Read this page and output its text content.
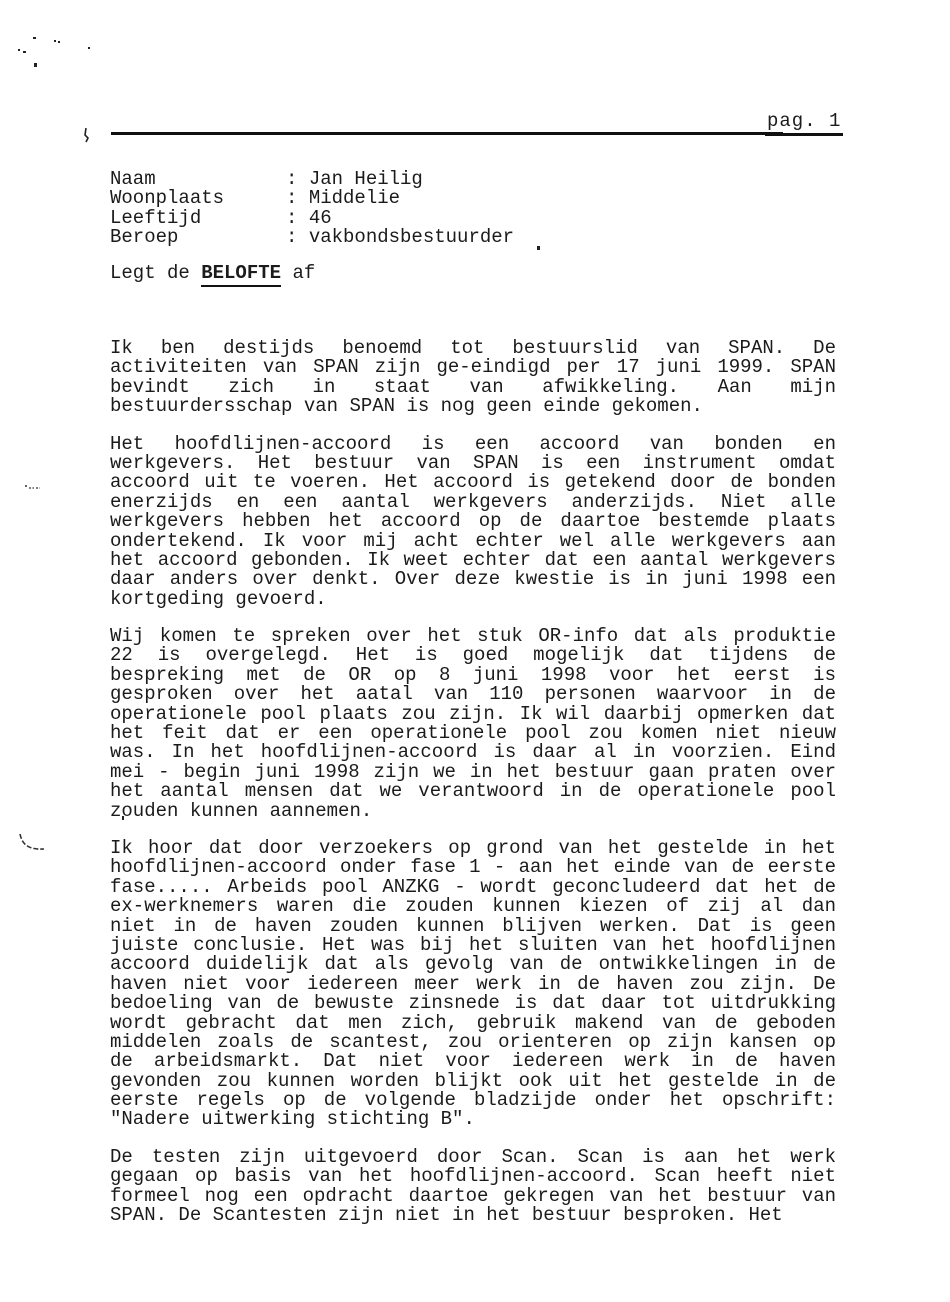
pag. 1
Naam	: Jan Heilig
Woonplaats	: Middelie
Leeftijd	: 46
Beroep	: vakbondsbestuurder
Legt de BELOFTE af
Ik ben destijds benoemd tot bestuurslid van SPAN. De
activiteiten van SPAN zijn ge-eindigd per 17 juni 1999. SPAN
bevindt zich in staat van afwikkeling. Aan mijn
bestuurdersschap van SPAN is nog geen einde gekomen.
Het hoofdlijnen-accoord is een accoord van bonden en
werkgevers. Het bestuur van SPAN is een instrument omdat
accoord uit te voeren. Het accoord is getekend door de bonden
enerzijds en een aantal werkgevers anderzijds. Niet alle
werkgevers hebben het accoord op de daartoe bestemde plaats
ondertekend. Ik voor mij acht echter wel alle werkgevers aan
het accoord gebonden. Ik weet echter dat een aantal werkgevers
daar anders over denkt. Over deze kwestie is in juni 1998 een
kortgeding gevoerd.
Wij komen te spreken over het stuk OR-info dat als produktie
22 is overgelegd. Het is goed mogelijk dat tijdens de
bespreking met de OR op 8 juni 1998 voor het eerst is
gesproken over het aatal van 110 personen waarvoor in de
operationele pool plaats zou zijn. Ik wil daarbij opmerken dat
het feit dat er een operationele pool zou komen niet nieuw
was. In het hoofdlijnen-accoord is daar al in voorzien. Eind
mei - begin juni 1998 zijn we in het bestuur gaan praten over
het aantal mensen dat we verantwoord in de operationele pool
zouden kunnen aannemen.
Ik hoor dat door verzoekers op grond van het gestelde in het
hoofdlijnen-accoord onder fase 1 - aan het einde van de eerste
fase..... Arbeids pool ANZKG - wordt geconcludeerd dat het de
ex-werknemers waren die zouden kunnen kiezen of zij al dan
niet in de haven zouden kunnen blijven werken. Dat is geen
juiste conclusie. Het was bij het sluiten van het hoofdlijnen
accoord duidelijk dat als gevolg van de ontwikkelingen in de
haven niet voor iedereen meer werk in de haven zou zijn. De
bedoeling van de bewuste zinsnede is dat daar tot uitdrukking
wordt gebracht dat men zich, gebruik makend van de geboden
middelen zoals de scantest, zou orienteren op zijn kansen op
de arbeidsmarkt. Dat niet voor iedereen werk in de haven
gevonden zou kunnen worden blijkt ook uit het gestelde in de
eerste regels op de volgende bladzijde onder het opschrift:
"Nadere uitwerking stichting B".
De testen zijn uitgevoerd door Scan. Scan is aan het werk
gegaan op basis van het hoofdlijnen-accoord. Scan heeft niet
formeel nog een opdracht daartoe gekregen van het bestuur van
SPAN. De Scantesten zijn niet in het bestuur besproken. Het
